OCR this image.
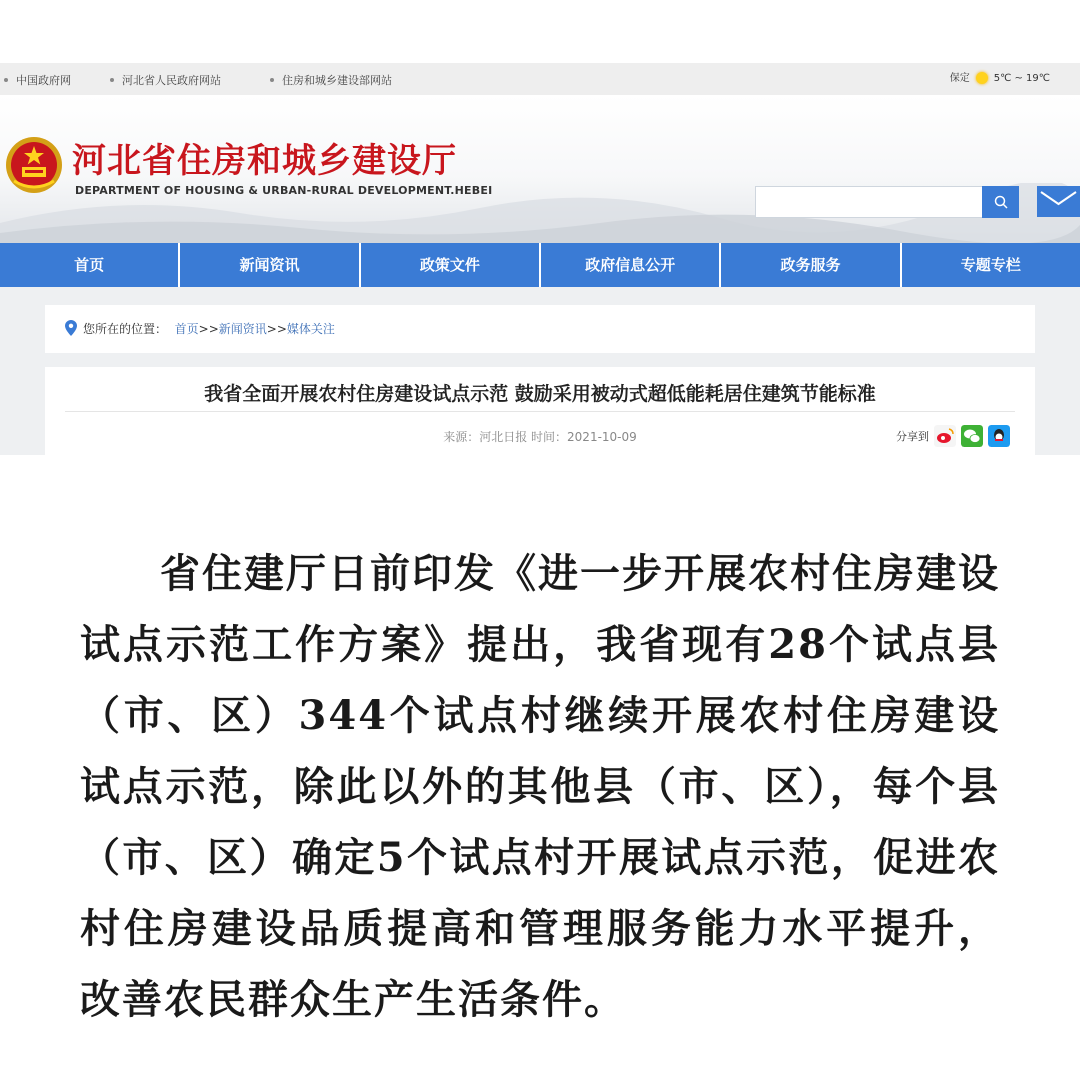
中国政府网	河北省人民政府网站	住房和城乡建设部网站	保定 5℃ ~ 19℃
河北省住房和城乡建设厅
DEPARTMENT OF HOUSING & URBAN-RURAL DEVELOPMENT.HEBEI
首页	新闻资讯	政策文件	政府信息公开	政务服务	专题专栏
您所在的位置： 首页>>新闻资讯>>媒体关注
我省全面开展农村住房建设试点示范 鼓励采用被动式超低能耗居住建筑节能标准
来源：河北日报 时间：2021-10-09	分享到
省住建厅日前印发《进一步开展农村住房建设试点示范工作方案》提出，我省现有28个试点县（市、区）344个试点村继续开展农村住房建设试点示范，除此以外的其他县（市、区），每个县（市、区）确定5个试点村开展试点示范，促进农村住房建设品质提高和管理服务能力水平提升，改善农民群众生产生活条件。
